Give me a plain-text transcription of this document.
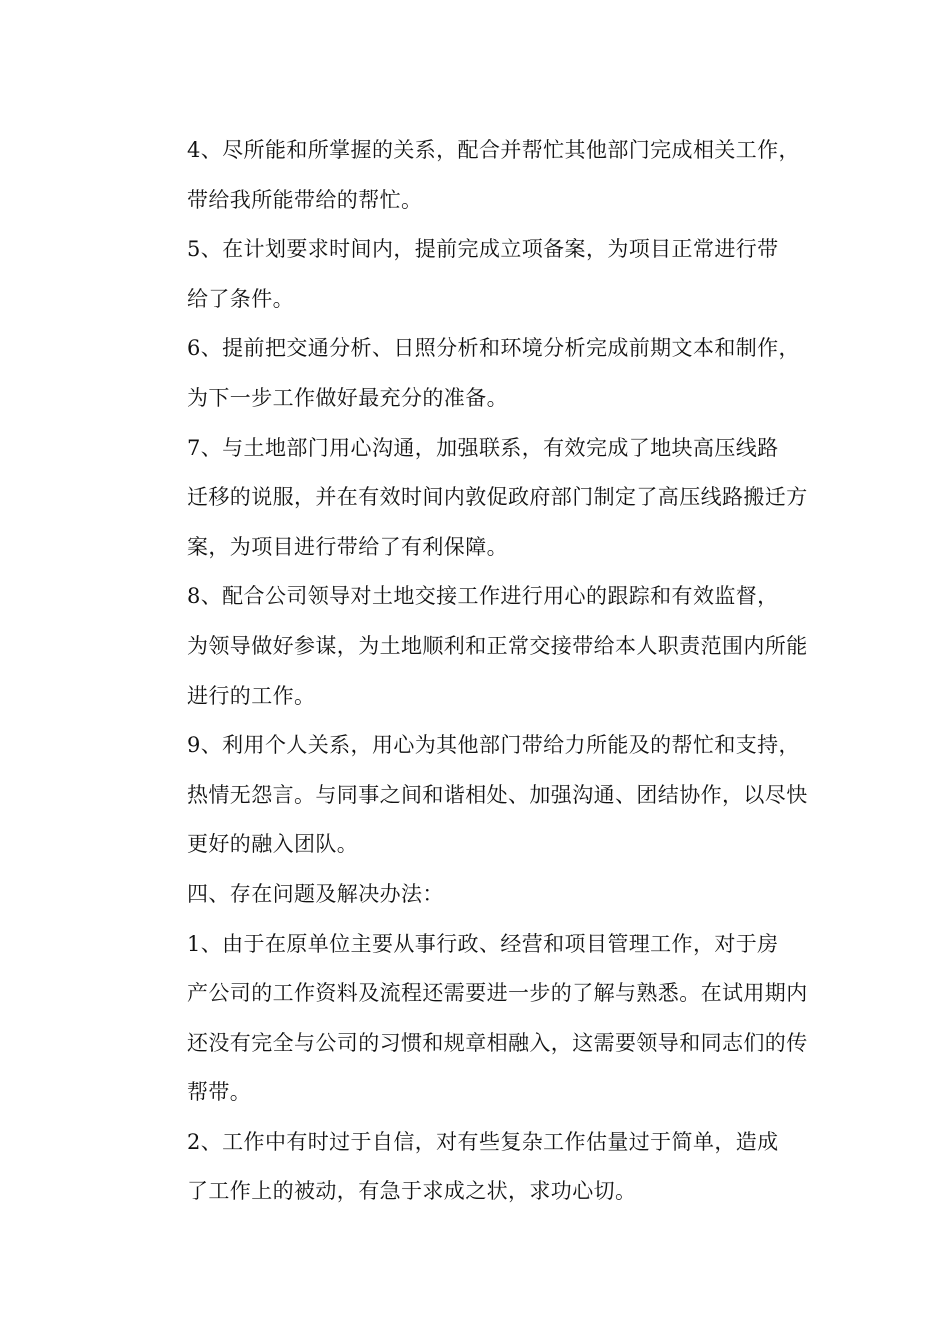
4、尽所能和所掌握的关系，配合并帮忙其他部门完成相关工作，
带给我所能带给的帮忙。

5、在计划要求时间内，提前完成立项备案，为项目正常进行带
给了条件。

6、提前把交通分析、日照分析和环境分析完成前期文本和制作，
为下一步工作做好最充分的准备。

7、与土地部门用心沟通，加强联系，有效完成了地块高压线路
迁移的说服，并在有效时间内敦促政府部门制定了高压线路搬迁方
案，为项目进行带给了有利保障。

8、配合公司领导对土地交接工作进行用心的跟踪和有效监督，
为领导做好参谋，为土地顺利和正常交接带给本人职责范围内所能
进行的工作。

9、利用个人关系，用心为其他部门带给力所能及的帮忙和支持，
热情无怨言。与同事之间和谐相处、加强沟通、团结协作，以尽快
更好的融入团队。

四、存在问题及解决办法：

1、由于在原单位主要从事行政、经营和项目管理工作，对于房
产公司的工作资料及流程还需要进一步的了解与熟悉。在试用期内
还没有完全与公司的习惯和规章相融入，这需要领导和同志们的传
帮带。

2、工作中有时过于自信，对有些复杂工作估量过于简单，造成
了工作上的被动，有急于求成之状，求功心切。
